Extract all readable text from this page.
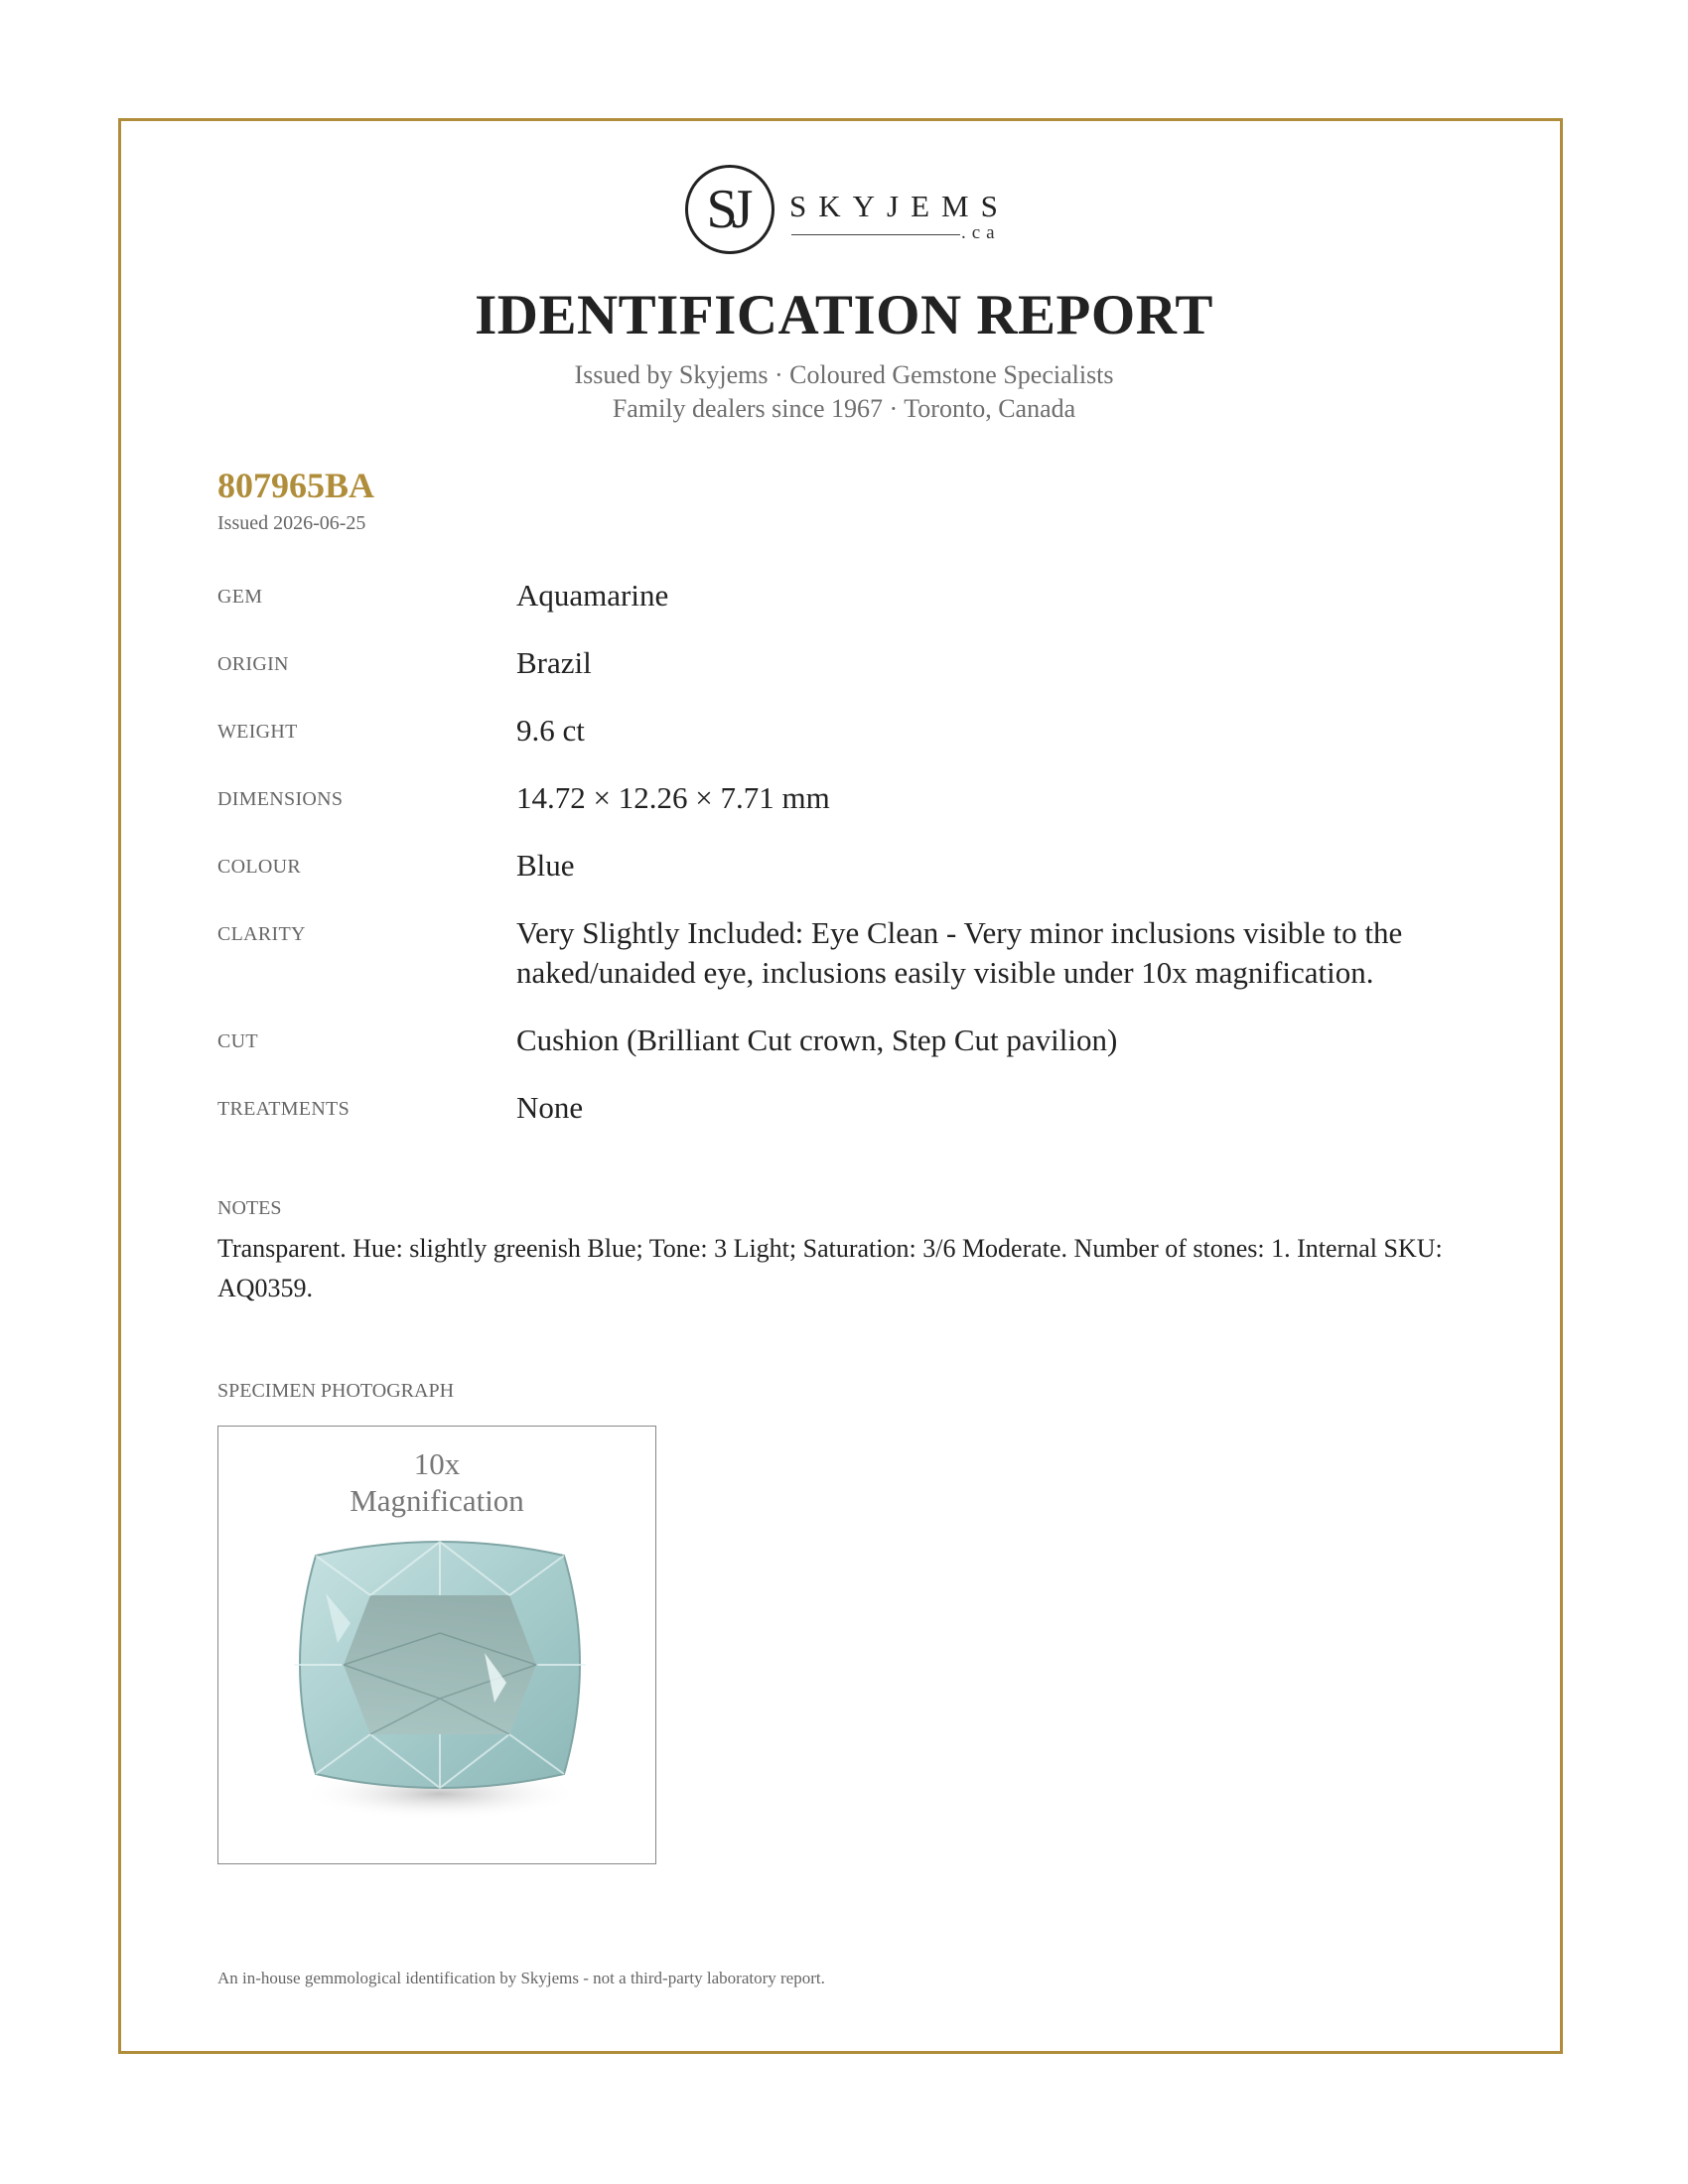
SJ SKYJEMS
.ca
IDENTIFICATION REPORT
Issued by Skyjems · Coloured Gemstone Specialists
Family dealers since 1967 · Toronto, Canada
807965BA
Issued 2026-06-25
GEM	Aquamarine
ORIGIN	Brazil
WEIGHT	9.6 ct
DIMENSIONS	14.72 × 12.26 × 7.71 mm
COLOUR	Blue
CLARITY	Very Slightly Included: Eye Clean - Very minor inclusions visible to the naked/unaided eye, inclusions easily visible under 10x magnification.
CUT	Cushion (Brilliant Cut crown, Step Cut pavilion)
TREATMENTS	None
NOTES
Transparent. Hue: slightly greenish Blue; Tone: 3 Light; Saturation: 3/6 Moderate. Number of stones: 1. Internal SKU: AQ0359.
SPECIMEN PHOTOGRAPH
10x
Magnification
An in-house gemmological identification by Skyjems - not a third-party laboratory report.
